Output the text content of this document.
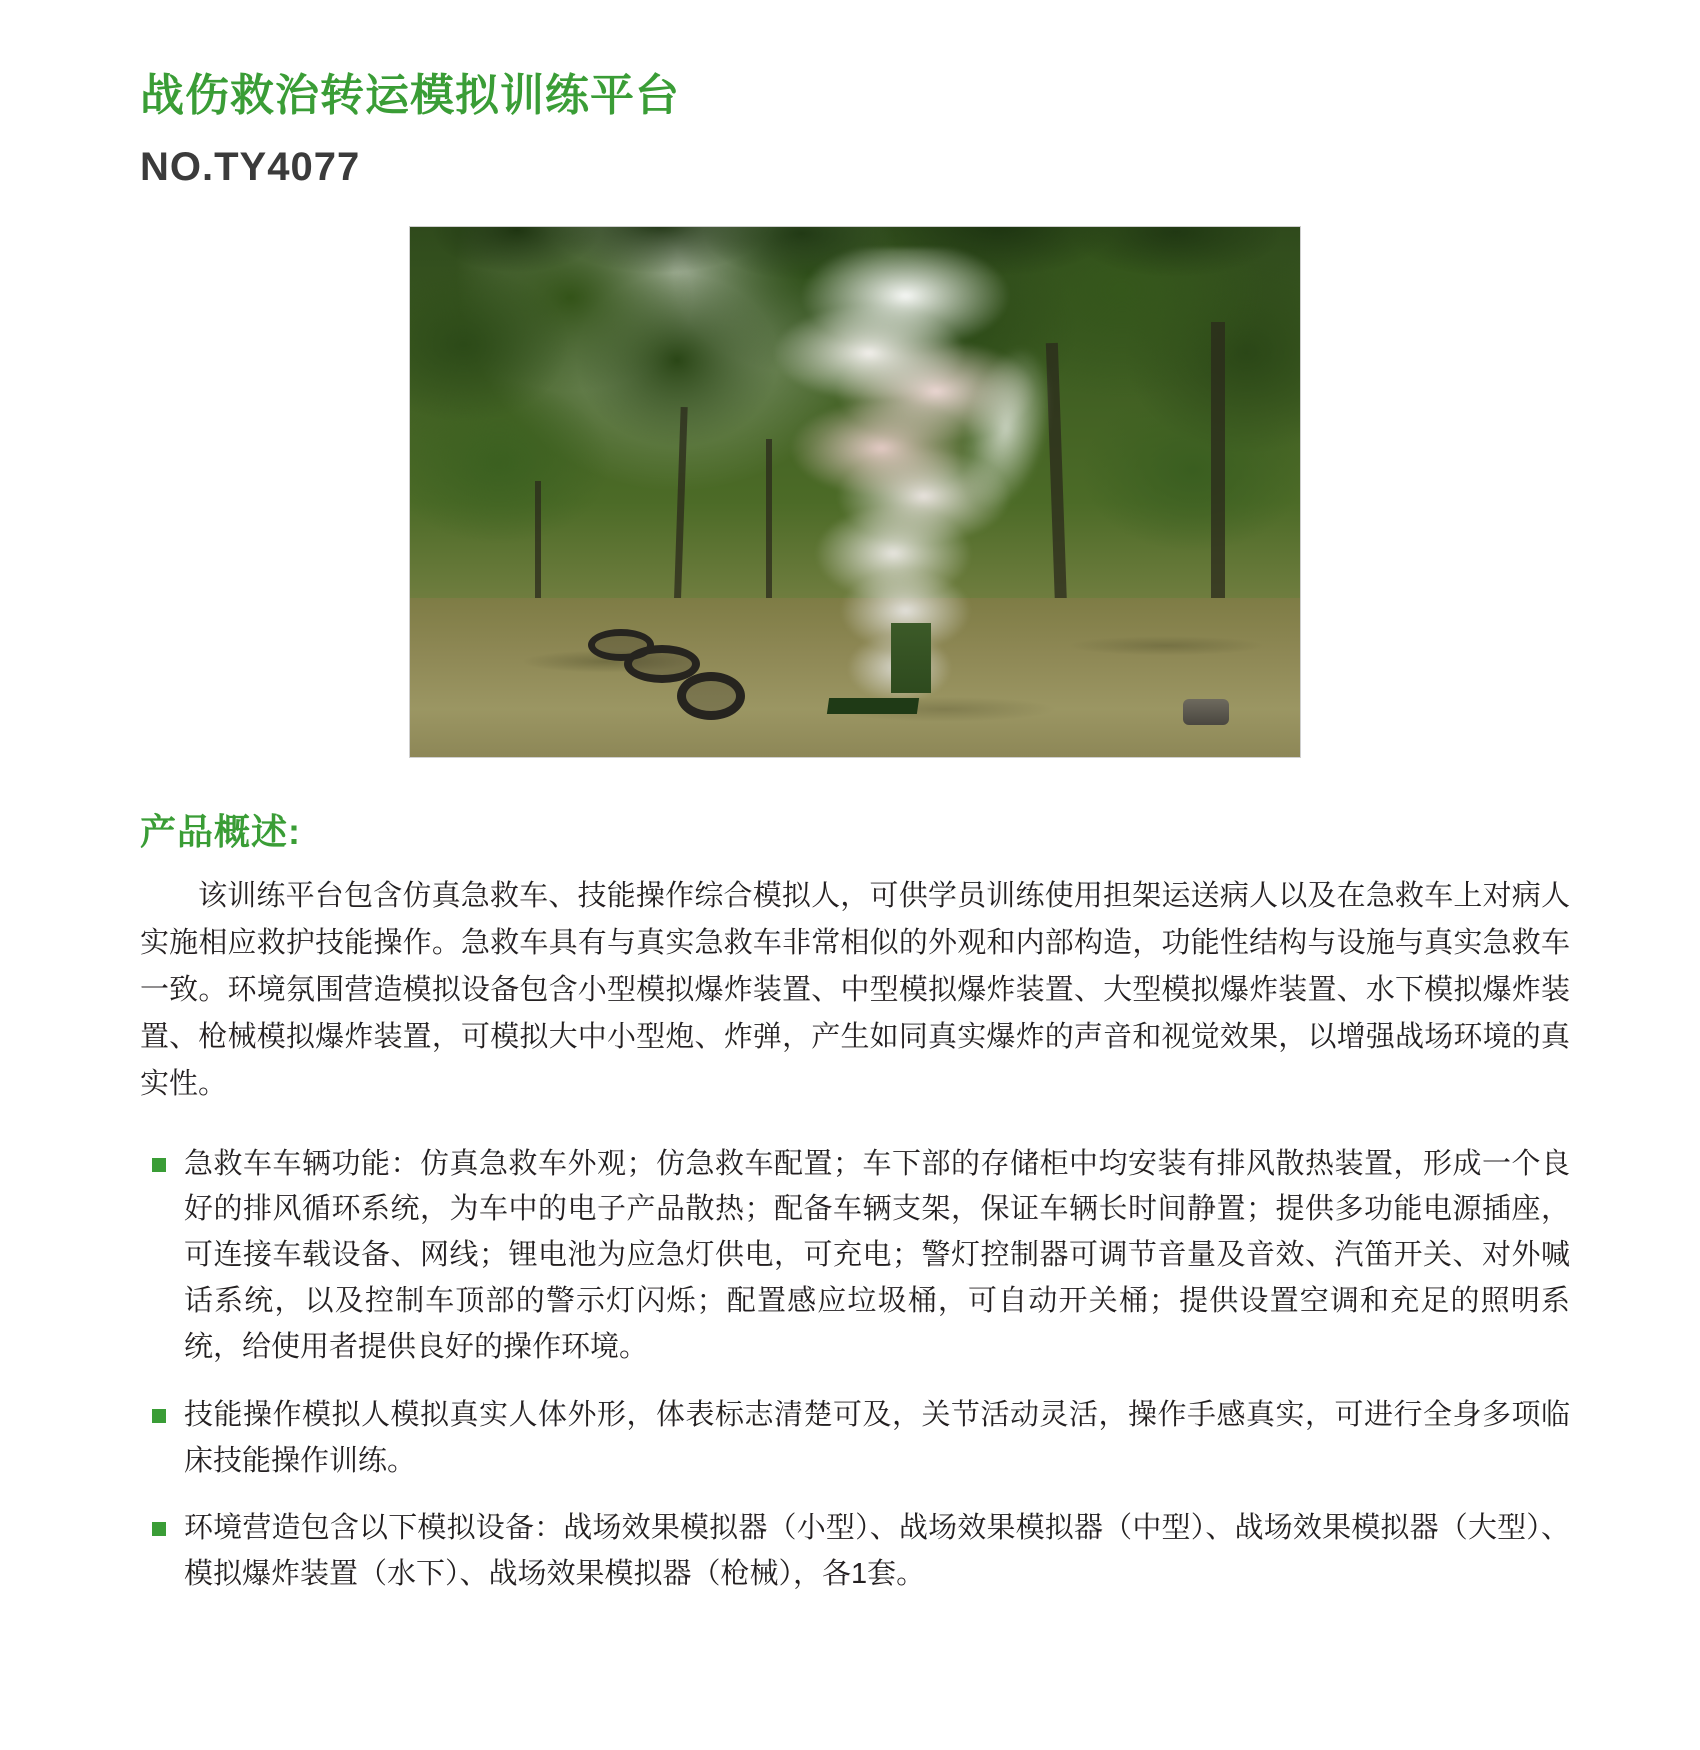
战伤救治转运模拟训练平台
NO.TY4077
产品概述:

该训练平台包含仿真急救车、技能操作综合模拟人，可供学员训练使用担架运送病人以及在急救车上对病人实施相应救护技能操作。急救车具有与真实急救车非常相似的外观和内部构造，功能性结构与设施与真实急救车一致。环境氛围营造模拟设备包含小型模拟爆炸装置、中型模拟爆炸装置、大型模拟爆炸装置、水下模拟爆炸装置、枪械模拟爆炸装置，可模拟大中小型炮、炸弹，产生如同真实爆炸的声音和视觉效果，以增强战场环境的真实性。

急救车车辆功能：仿真急救车外观；仿急救车配置；车下部的存储柜中均安装有排风散热装置，形成一个良好的排风循环系统，为车中的电子产品散热；配备车辆支架，保证车辆长时间静置；提供多功能电源插座，可连接车载设备、网线；锂电池为应急灯供电，可充电；警灯控制器可调节音量及音效、汽笛开关、对外喊话系统，以及控制车顶部的警示灯闪烁；配置感应垃圾桶，可自动开关桶；提供设置空调和充足的照明系统，给使用者提供良好的操作环境。
技能操作模拟人模拟真实人体外形，体表标志清楚可及，关节活动灵活，操作手感真实，可进行全身多项临床技能操作训练。
环境营造包含以下模拟设备：战场效果模拟器（小型）、战场效果模拟器（中型）、战场效果模拟器（大型）、模拟爆炸装置（水下）、战场效果模拟器（枪械），各1套。
